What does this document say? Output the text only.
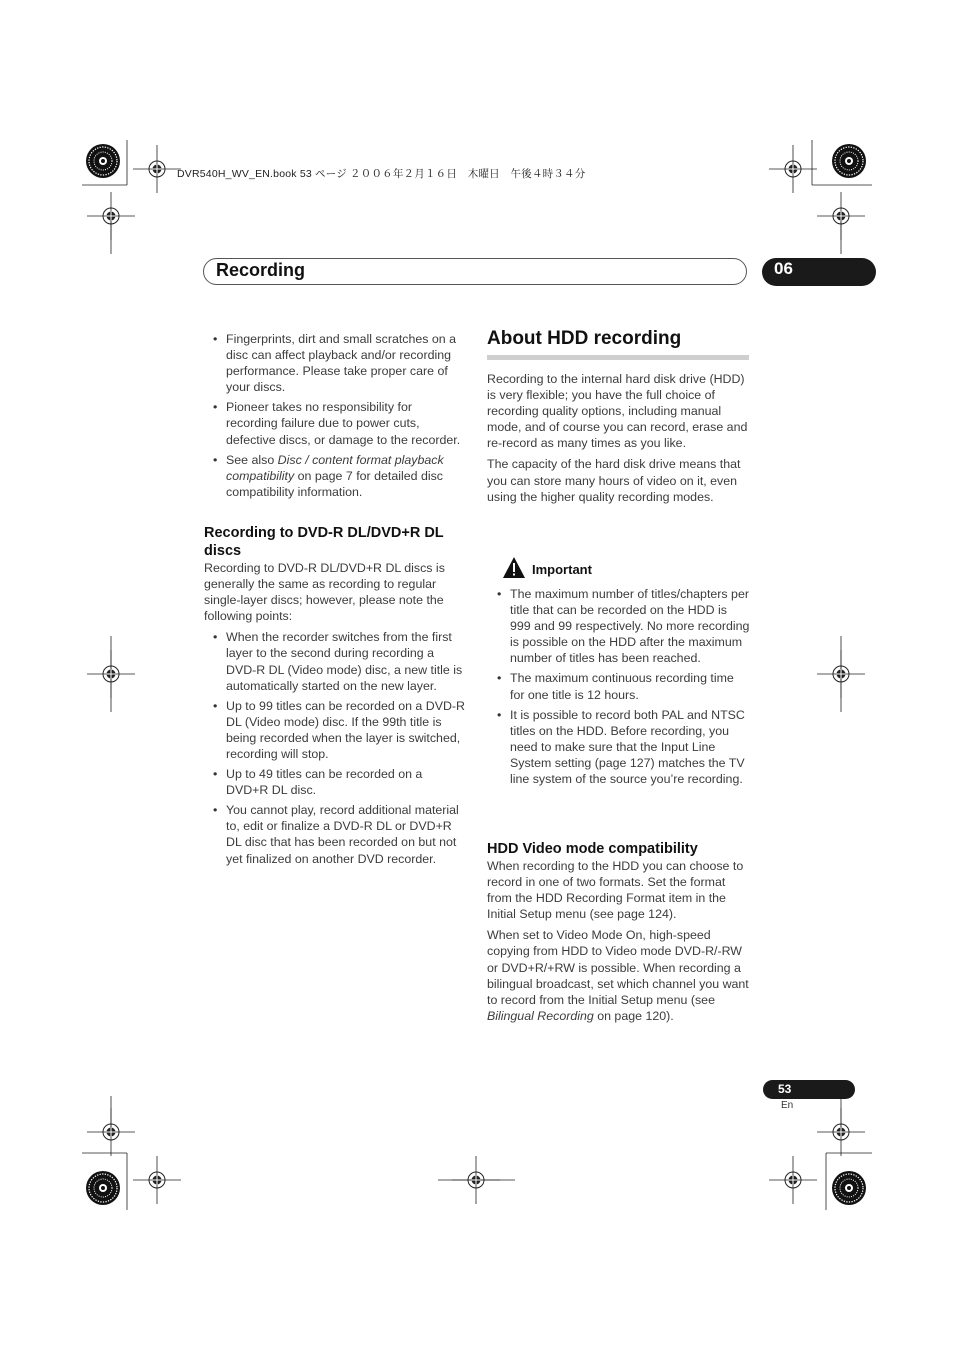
DVR540H_WV_EN.book 53 ページ ２００６年２月１６日　木曜日　午後４時３４分
Recording	06
• Fingerprints, dirt and small scratches on a disc can affect playback and/or recording performance. Please take proper care of your discs.
• Pioneer takes no responsibility for recording failure due to power cuts, defective discs, or damage to the recorder.
• See also Disc / content format playback compatibility on page 7 for detailed disc compatibility information.
Recording to DVD-R DL/DVD+R DL discs

Recording to DVD-R DL/DVD+R DL discs is generally the same as recording to regular single-layer discs; however, please note the following points:

• When the recorder switches from the first layer to the second during recording a DVD-R DL (Video mode) disc, a new title is automatically started on the new layer.
• Up to 99 titles can be recorded on a DVD-R DL (Video mode) disc. If the 99th title is being recorded when the layer is switched, recording will stop.
• Up to 49 titles can be recorded on a DVD+R DL disc.
• You cannot play, record additional material to, edit or finalize a DVD-R DL or DVD+R DL disc that has been recorded on but not yet finalized on another DVD recorder.
About HDD recording

Recording to the internal hard disk drive (HDD) is very flexible; you have the full choice of recording quality options, including manual mode, and of course you can record, erase and re-record as many times as you like.

The capacity of the hard disk drive means that you can store many hours of video on it, even using the higher quality recording modes.

Important
• The maximum number of titles/chapters per title that can be recorded on the HDD is 999 and 99 respectively. No more recording is possible on the HDD after the maximum number of titles has been reached.
• The maximum continuous recording time for one title is 12 hours.
• It is possible to record both PAL and NTSC titles on the HDD. Before recording, you need to make sure that the Input Line System setting (page 127) matches the TV line system of the source you’re recording.
HDD Video mode compatibility

When recording to the HDD you can choose to record in one of two formats. Set the format from the HDD Recording Format item in the Initial Setup menu (see page 124).

When set to Video Mode On, high-speed copying from HDD to Video mode DVD-R/-RW or DVD+R/+RW is possible. When recording a bilingual broadcast, set which channel you want to record from the Initial Setup menu (see Bilingual Recording on page 120).

53
En
